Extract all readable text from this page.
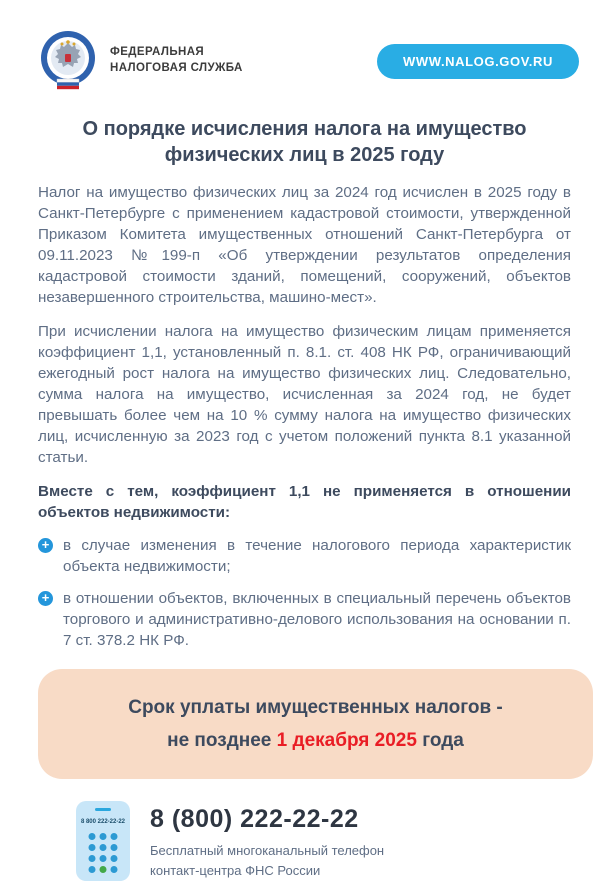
ФЕДЕРАЛЬНАЯ
НАЛОГОВАЯ СЛУЖБА	WWW.NALOG.GOV.RU
О порядке исчисления налога на имущество физических лиц в 2025 году

Налог на имущество физических лиц за 2024 год исчислен в 2025 году в Санкт-Петербурге с применением кадастровой стоимости, утвержденной Приказом Комитета имущественных отношений Санкт-Петербурга от 09.11.2023 №199-п «Об утверждении результатов определения кадастровой стоимости зданий, помещений, сооружений, объектов незавершенного строительства, машино-мест».

При исчислении налога на имущество физическим лицам применяется коэффициент 1,1, установленный п. 8.1. ст. 408 НК РФ, ограничивающий ежегодный рост налога на имущество физических лиц. Следовательно, сумма налога на имущество, исчисленная за 2024 год, не будет превышать более чем на 10 % сумму налога на имущество физических лиц, исчисленную за 2023 год с учетом положений пункта 8.1 указанной статьи.

Вместе с тем, коэффициент 1,1 не применяется в отношении объектов недвижимости:

+
в случае изменения в течение налогового периода характеристик объекта недвижимости;
+
в отношении объектов, включенных в специальный перечень объектов торгового и административно-делового использования на основании п. 7 ст. 378.2 НК РФ.
Срок уплаты имущественных налогов -
не позднее 1 декабря 2025 года
8 800 222-22-22 8 (800) 222-22-22
Бесплатный многоканальный телефон
контакт-центра ФНС России
